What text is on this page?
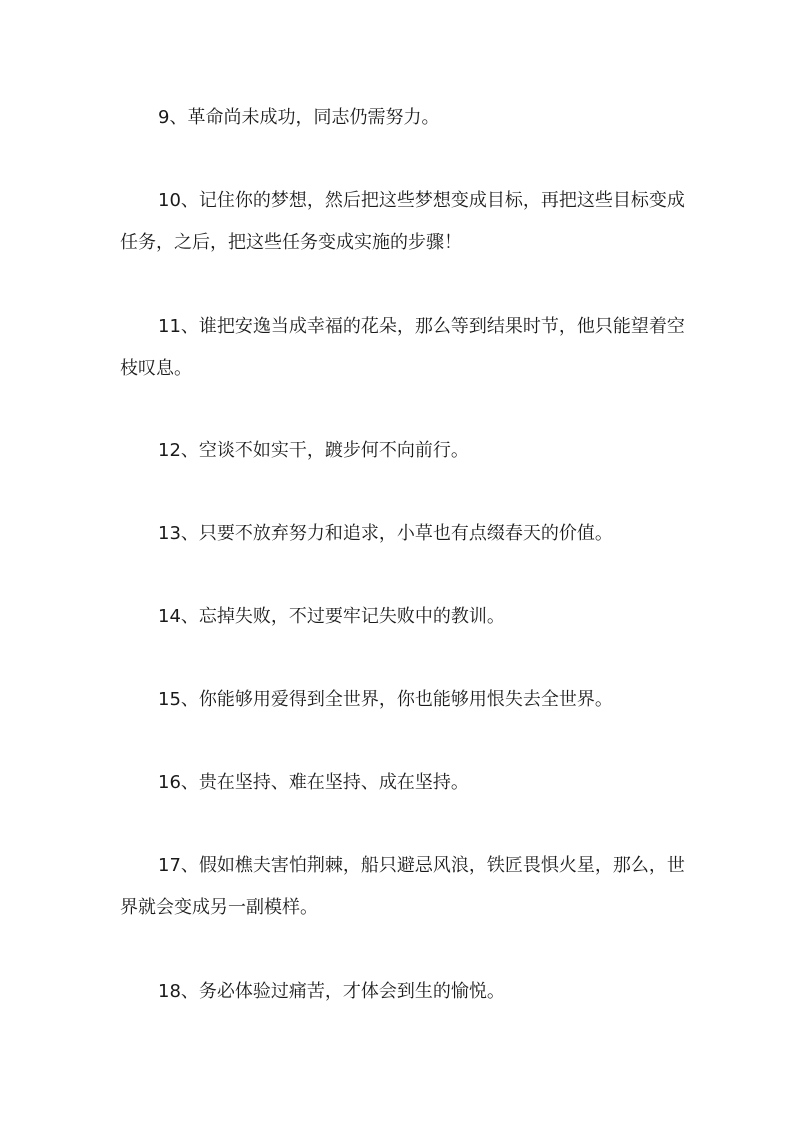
9、革命尚未成功，同志仍需努力。

10、记住你的梦想，然后把这些梦想变成目标，再把这些目标变成任务，之后，把这些任务变成实施的步骤！

11、谁把安逸当成幸福的花朵，那么等到结果时节，他只能望着空枝叹息。

12、空谈不如实干，踱步何不向前行。

13、只要不放弃努力和追求，小草也有点缀春天的价值。

14、忘掉失败，不过要牢记失败中的教训。

15、你能够用爱得到全世界，你也能够用恨失去全世界。

16、贵在坚持、难在坚持、成在坚持。

17、假如樵夫害怕荆棘，船只避忌风浪，铁匠畏惧火星，那么，世界就会变成另一副模样。

18、务必体验过痛苦，才体会到生的愉悦。
